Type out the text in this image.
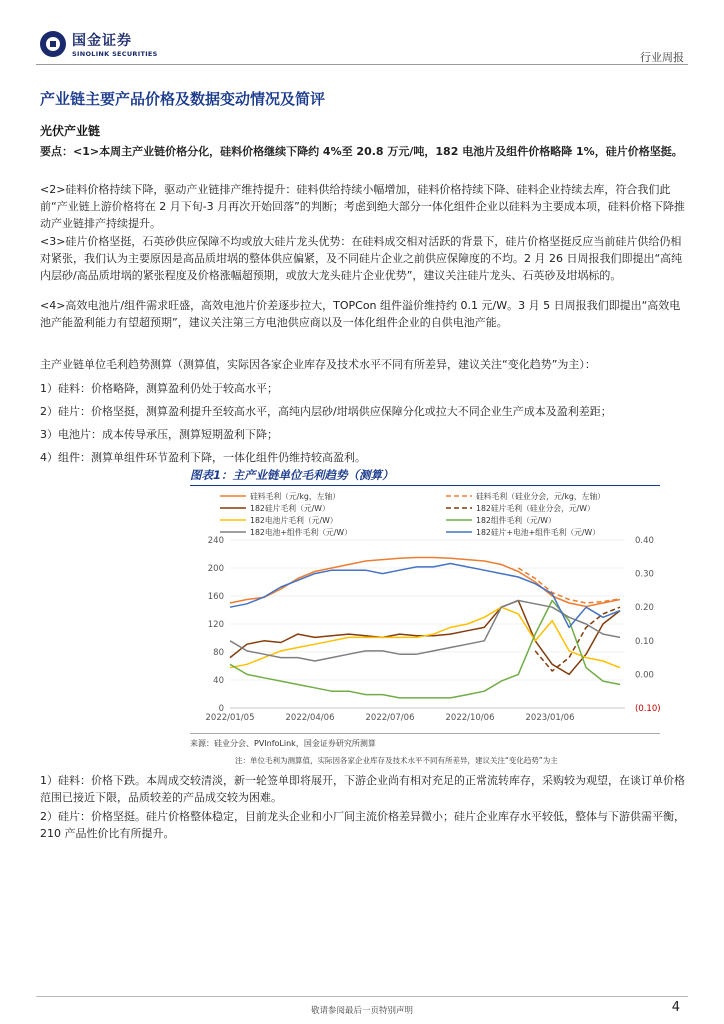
国金证券
SINOLINK SECURITIES	行业周报
产业链主要产品价格及数据变动情况及简评
光伏产业链
要点：<1>本周主产业链价格分化，硅料价格继续下降约 4%至 20.8 万元/吨，182 电池片及组件价格略降 1%，硅片价格坚挺。
<2>硅料价格持续下降，驱动产业链排产维持提升：硅料供给持续小幅增加，硅料价格持续下降、硅料企业持续去库，符合我们此前“产业链上游价格将在 2 月下旬-3 月再次开始回落”的判断；考虑到绝大部分一体化组件企业以硅料为主要成本项，硅料价格下降推动产业链排产持续提升。
<3>硅片价格坚挺，石英砂供应保障不均或放大硅片龙头优势：在硅料成交相对活跃的背景下，硅片价格坚挺反应当前硅片供给仍相对紧张，我们认为主要原因是高品质坩埚的整体供应偏紧，及不同硅片企业之前供应保障度的不均。2 月 26 日周报我们即提出“高纯内层砂/高品质坩埚的紧张程度及价格涨幅超预期，或放大龙头硅片企业优势”，建议关注硅片龙头、石英砂及坩埚标的。
<4>高效电池片/组件需求旺盛，高效电池片价差逐步拉大，TOPCon 组件溢价维持约 0.1 元/W。3 月 5 日周报我们即提出“高效电池产能盈利能力有望超预期”，建议关注第三方电池供应商以及一体化组件企业的自供电池产能。
主产业链单位毛利趋势测算（测算值，实际因各家企业库存及技术水平不同有所差异，建议关注“变化趋势”为主）：
1）硅料：价格略降，测算盈利仍处于较高水平；
2）硅片：价格坚挺，测算盈利提升至较高水平，高纯内层砂/坩埚供应保障分化或拉大不同企业生产成本及盈利差距；
3）电池片：成本传导承压，测算短期盈利下降；
4）组件：测算单组件环节盈利下降，一体化组件仍维持较高盈利。
图表1：主产业链单位毛利趋势（测算）
硅料毛利（元/kg，左轴）	硅料毛利（硅业分会，元/kg，左轴）
182硅片毛利（元/W）	182硅片毛利（硅业分会，元/W）
182电池片毛利（元/W）	182组件毛利（元/W）
182电池+组件毛利（元/W）	182硅片+电池+组件毛利（元/W）
0
40
80
120
160
200
240
(0.10)
0.00
0.10
0.20
0.30
0.40
2022/01/05	2022/04/06	2022/07/06	2022/10/06	2023/01/06
来源：硅业分会、PVInfoLink，国金证券研究所测算
注：单位毛利为测算值，实际因各家企业库存及技术水平不同有所差异，建议关注“变化趋势”为主
1）硅料：价格下跌。本周成交较清淡，新一轮签单即将展开，下游企业尚有相对充足的正常流转库存，采购较为观望，在谈订单价格范围已接近下限，品质较差的产品成交较为困难。
2）硅片：价格坚挺。硅片价格整体稳定，目前龙头企业和小厂间主流价格差异微小；硅片企业库存水平较低，整体与下游供需平衡，210 产品性价比有所提升。
敬请参阅最后一页特别声明	4
